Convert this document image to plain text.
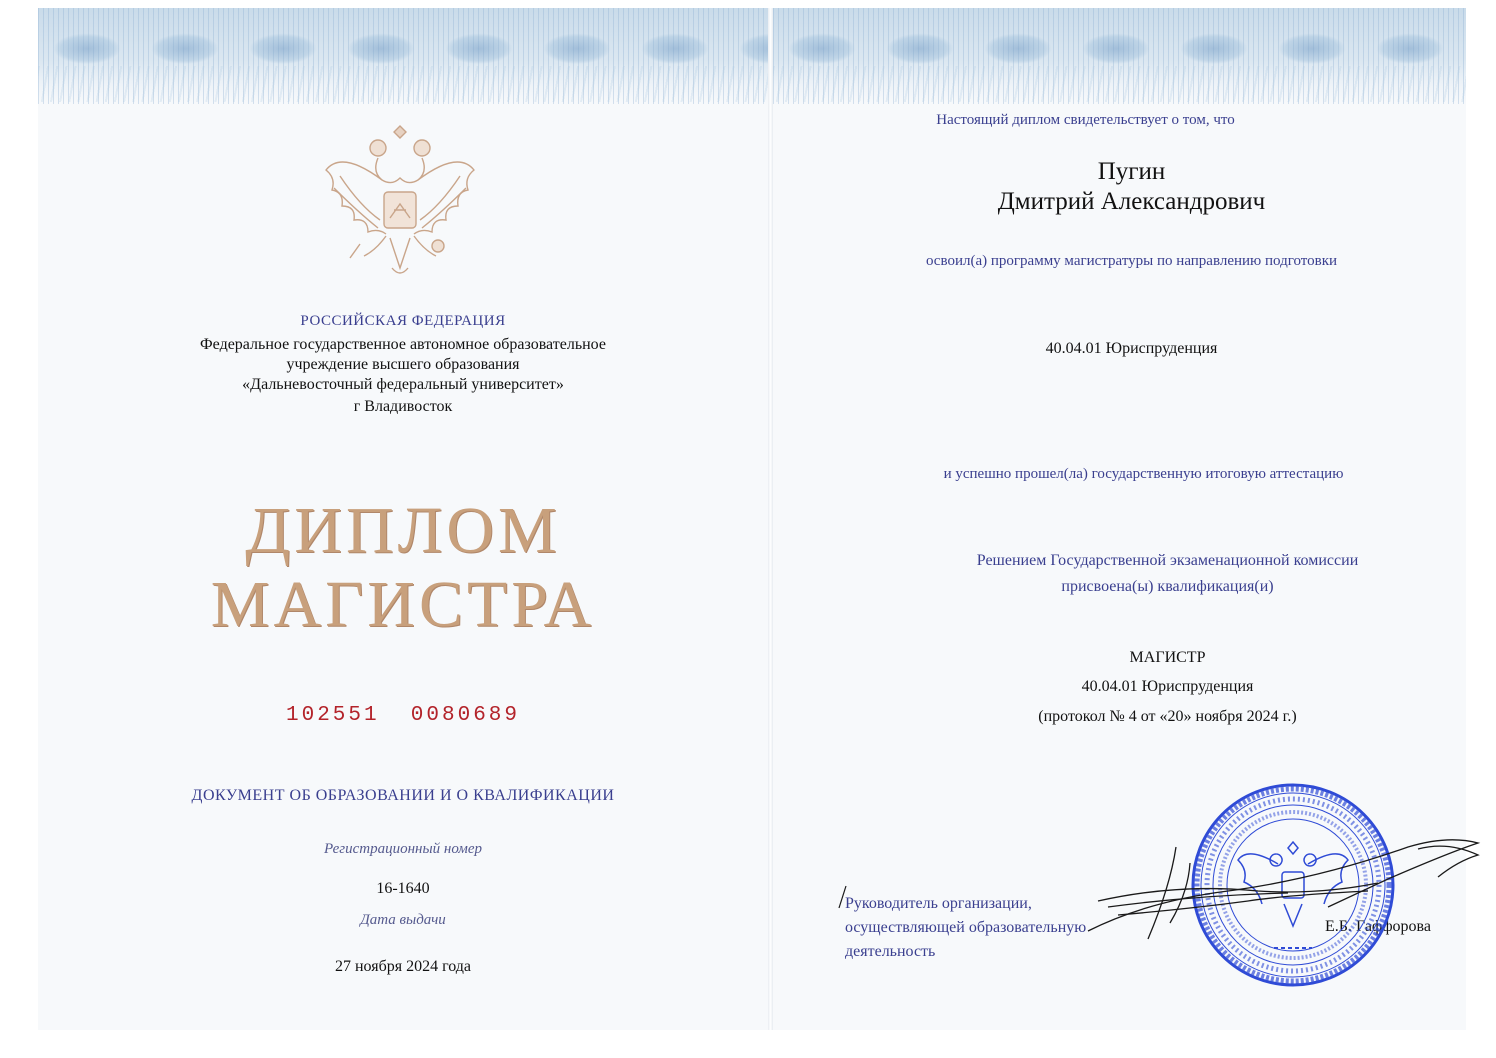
РОССИЙСКАЯ ФЕДЕРАЦИЯ

Федеральное государственное автономное образовательное

учреждение высшего образования

«Дальневосточный федеральный университет»

г Владивосток

ДИПЛОМ

МАГИСТРА

102551  0080689

ДОКУМЕНТ ОБ ОБРАЗОВАНИИ И О КВАЛИФИКАЦИИ

Регистрационный номер

16-1640

Дата выдачи

27 ноября 2024 года

Настоящий диплом свидетельствует о том, что

Пугин

Дмитрий Александрович

освоил(а) программу магистратуры по направлению подготовки

40.04.01 Юриспруденция

и успешно прошел(ла) государственную итоговую аттестацию

Решением Государственной экзаменационной комиссии

присвоена(ы) квалификация(и)

МАГИСТР

40.04.01 Юриспруденция

(протокол № 4 от «20» ноября 2024 г.)

Руководитель организации,
осуществляющей образовательную
деятельность
Е.Б. Гаффорова
